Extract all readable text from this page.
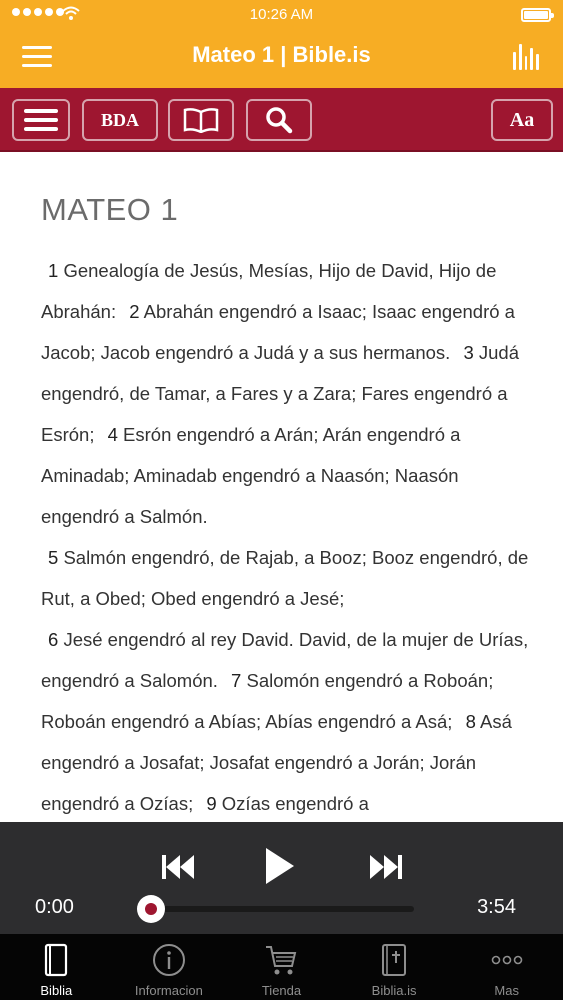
10:26 AM
Mateo 1 | Bible.is
BDA	Aa
MATEO 1
1 Genealogía de Jesús, Mesías, Hijo de David, Hijo de Abrahán: 2 Abrahán engendró a Isaac; Isaac engendró a Jacob; Jacob engendró a Judá y a sus hermanos. 3 Judá engendró, de Tamar, a Fares y a Zara; Fares engendró a Esrón; 4 Esrón engendró a Arán; Arán engendró a Aminadab; Aminadab engendró a Naasón; Naasón engendró a Salmón.
5 Salmón engendró, de Rajab, a Booz; Booz engendró, de Rut, a Obed; Obed engendró a Jesé;
6 Jesé engendró al rey David. David, de la mujer de Urías, engendró a Salomón. 7 Salomón engendró a Roboán; Roboán engendró a Abías; Abías engendró a Asá; 8 Asá engendró a Josafat; Josafat engendró a Jorán; Jorán engendró a Ozías; 9 Ozías engendró a
0:00	3:54
Biblia	Informacion	Tienda	Biblia.is	Mas
